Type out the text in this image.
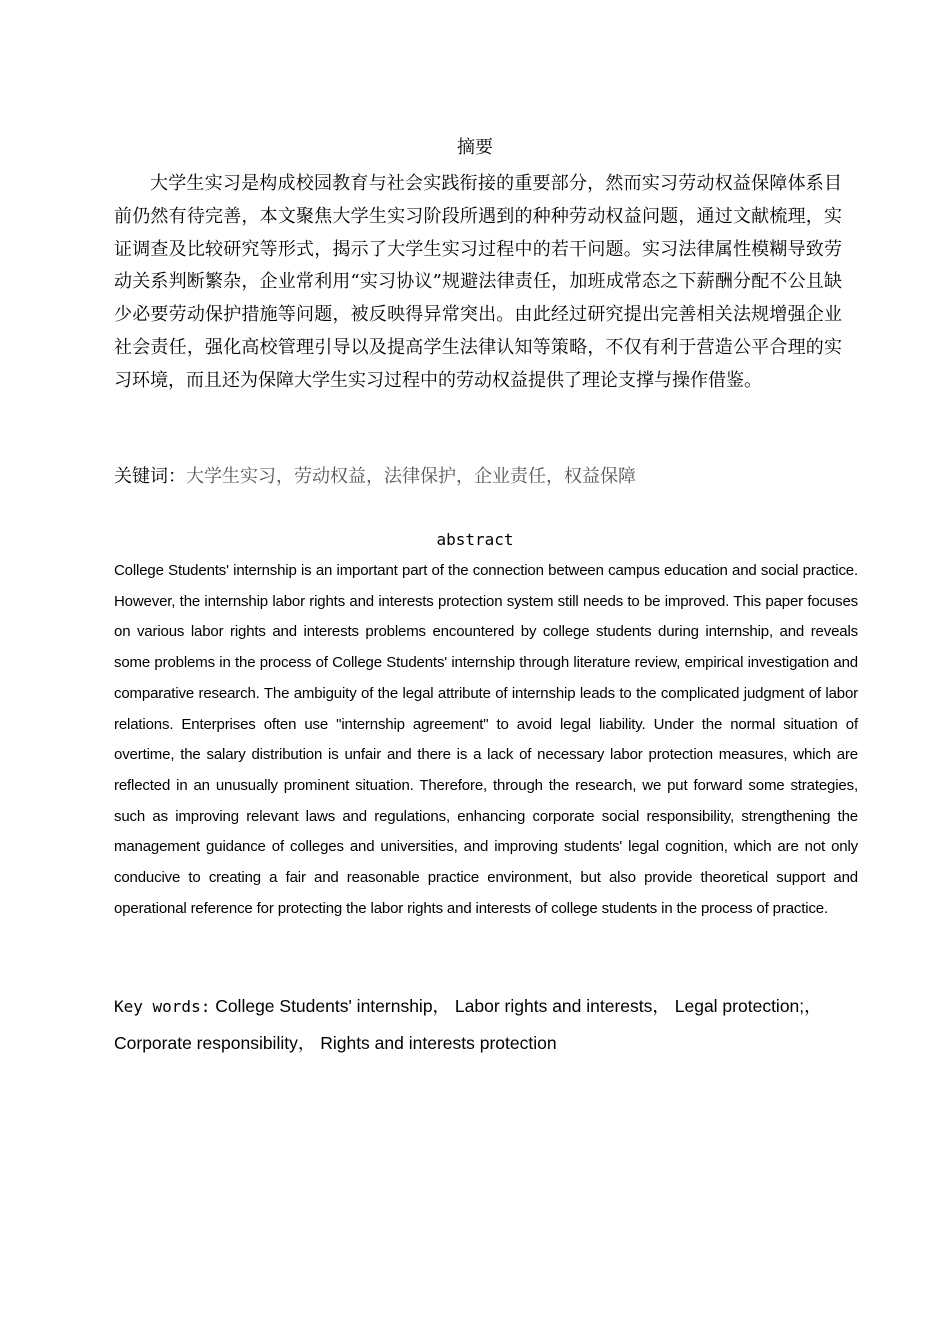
摘要

大学生实习是构成校园教育与社会实践衔接的重要部分，然而实习劳动权益保障体系目前仍然有待完善，本文聚焦大学生实习阶段所遇到的种种劳动权益问题，通过文献梳理，实证调查及比较研究等形式，揭示了大学生实习过程中的若干问题。实习法律属性模糊导致劳动关系判断繁杂，企业常利用“实习协议”规避法律责任，加班成常态之下薪酬分配不公且缺少必要劳动保护措施等问题，被反映得异常突出。由此经过研究提出完善相关法规增强企业社会责任，强化高校管理引导以及提高学生法律认知等策略，不仅有利于营造公平合理的实习环境，而且还为保障大学生实习过程中的劳动权益提供了理论支撑与操作借鉴。

关键词：大学生实习，劳动权益，法律保护，企业责任，权益保障

abstract

College Students' internship is an important part of the connection between campus education and social practice. However, the internship labor rights and interests protection system still needs to be improved. This paper focuses on various labor rights and interests problems encountered by college students during internship, and reveals some problems in the process of College Students' internship through literature review, empirical investigation and comparative research. The ambiguity of the legal attribute of internship leads to the complicated judgment of labor relations. Enterprises often use "internship agreement" to avoid legal liability. Under the normal situation of overtime, the salary distribution is unfair and there is a lack of necessary labor protection measures, which are reflected in an unusually prominent situation. Therefore, through the research, we put forward some strategies, such as improving relevant laws and regulations, enhancing corporate social responsibility, strengthening the management guidance of colleges and universities, and improving students' legal cognition, which are not only conducive to creating a fair and reasonable practice environment, but also provide theoretical support and operational reference for protecting the labor rights and interests of college students in the process of practice.

Key words: College Students' internship， Labor rights and interests， Legal protection;， Corporate responsibility， Rights and interests protection
